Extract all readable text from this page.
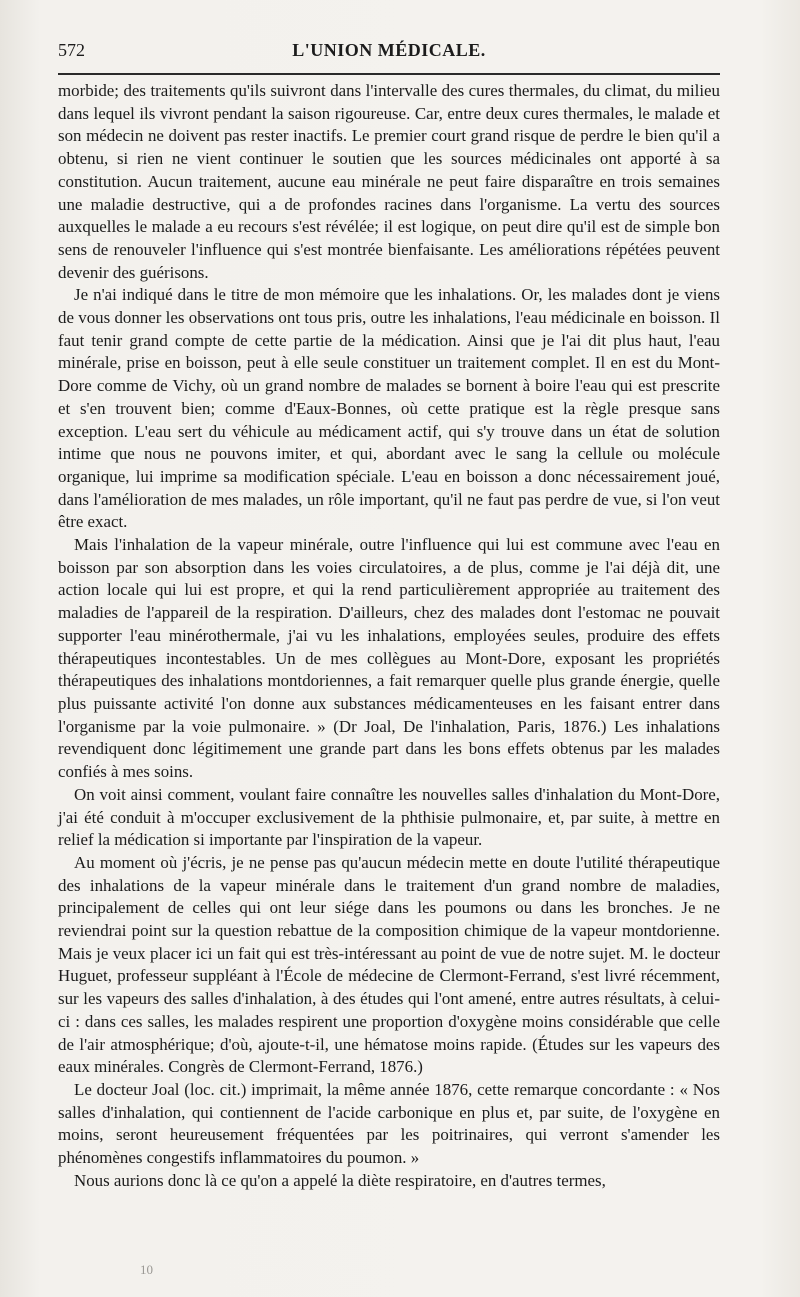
572	L'UNION MÉDICALE.

morbide; des traitements qu'ils suivront dans l'intervalle des cures thermales, du climat, du milieu dans lequel ils vivront pendant la saison rigoureuse. Car, entre deux cures thermales, le malade et son médecin ne doivent pas rester inactifs. Le premier court grand risque de perdre le bien qu'il a obtenu, si rien ne vient continuer le soutien que les sources médicinales ont apporté à sa constitution. Aucun traitement, aucune eau minérale ne peut faire disparaître en trois semaines une maladie destructive, qui a de profondes racines dans l'organisme. La vertu des sources auxquelles le malade a eu recours s'est révélée; il est logique, on peut dire qu'il est de simple bon sens de renouveler l'influence qui s'est montrée bienfaisante. Les améliorations répétées peuvent devenir des guérisons.

Je n'ai indiqué dans le titre de mon mémoire que les inhalations. Or, les malades dont je viens de vous donner les observations ont tous pris, outre les inhalations, l'eau médicinale en boisson. Il faut tenir grand compte de cette partie de la médication. Ainsi que je l'ai dit plus haut, l'eau minérale, prise en boisson, peut à elle seule constituer un traitement complet. Il en est du Mont-Dore comme de Vichy, où un grand nombre de malades se bornent à boire l'eau qui est prescrite et s'en trouvent bien; comme d'Eaux-Bonnes, où cette pratique est la règle presque sans exception. L'eau sert du véhicule au médicament actif, qui s'y trouve dans un état de solution intime que nous ne pouvons imiter, et qui, abordant avec le sang la cellule ou molécule organique, lui imprime sa modification spéciale. L'eau en boisson a donc nécessairement joué, dans l'amélioration de mes malades, un rôle important, qu'il ne faut pas perdre de vue, si l'on veut être exact.

Mais l'inhalation de la vapeur minérale, outre l'influence qui lui est commune avec l'eau en boisson par son absorption dans les voies circulatoires, a de plus, comme je l'ai déjà dit, une action locale qui lui est propre, et qui la rend particulièrement appropriée au traitement des maladies de l'appareil de la respiration. D'ailleurs, chez des malades dont l'estomac ne pouvait supporter l'eau minérothermale, j'ai vu les inhalations, employées seules, produire des effets thérapeutiques incontestables. Un de mes collègues au Mont-Dore, exposant les propriétés thérapeutiques des inhalations montdoriennes, a fait remarquer quelle plus grande énergie, quelle plus puissante activité l'on donne aux substances médicamenteuses en les faisant entrer dans l'organisme par la voie pulmonaire. » (Dr Joal, De l'inhalation, Paris, 1876.) Les inhalations revendiquent donc légitimement une grande part dans les bons effets obtenus par les malades confiés à mes soins.

On voit ainsi comment, voulant faire connaître les nouvelles salles d'inhalation du Mont-Dore, j'ai été conduit à m'occuper exclusivement de la phthisie pulmonaire, et, par suite, à mettre en relief la médication si importante par l'inspiration de la vapeur.

Au moment où j'écris, je ne pense pas qu'aucun médecin mette en doute l'utilité thérapeutique des inhalations de la vapeur minérale dans le traitement d'un grand nombre de maladies, principalement de celles qui ont leur siége dans les poumons ou dans les bronches. Je ne reviendrai point sur la question rebattue de la composition chimique de la vapeur montdorienne. Mais je veux placer ici un fait qui est très-intéressant au point de vue de notre sujet. M. le docteur Huguet, professeur suppléant à l'École de médecine de Clermont-Ferrand, s'est livré récemment, sur les vapeurs des salles d'inhalation, à des études qui l'ont amené, entre autres résultats, à celui-ci : dans ces salles, les malades respirent une proportion d'oxygène moins considérable que celle de l'air atmosphérique; d'où, ajoute-t-il, une hématose moins rapide. (Études sur les vapeurs des eaux minérales. Congrès de Clermont-Ferrand, 1876.)

Le docteur Joal (loc. cit.) imprimait, la même année 1876, cette remarque concordante : « Nos salles d'inhalation, qui contiennent de l'acide carbonique en plus et, par suite, de l'oxygène en moins, seront heureusement fréquentées par les poitrinaires, qui verront s'amender les phénomènes congestifs inflammatoires du poumon. »

Nous aurions donc là ce qu'on a appelé la diète respiratoire, en d'autres termes,

10
